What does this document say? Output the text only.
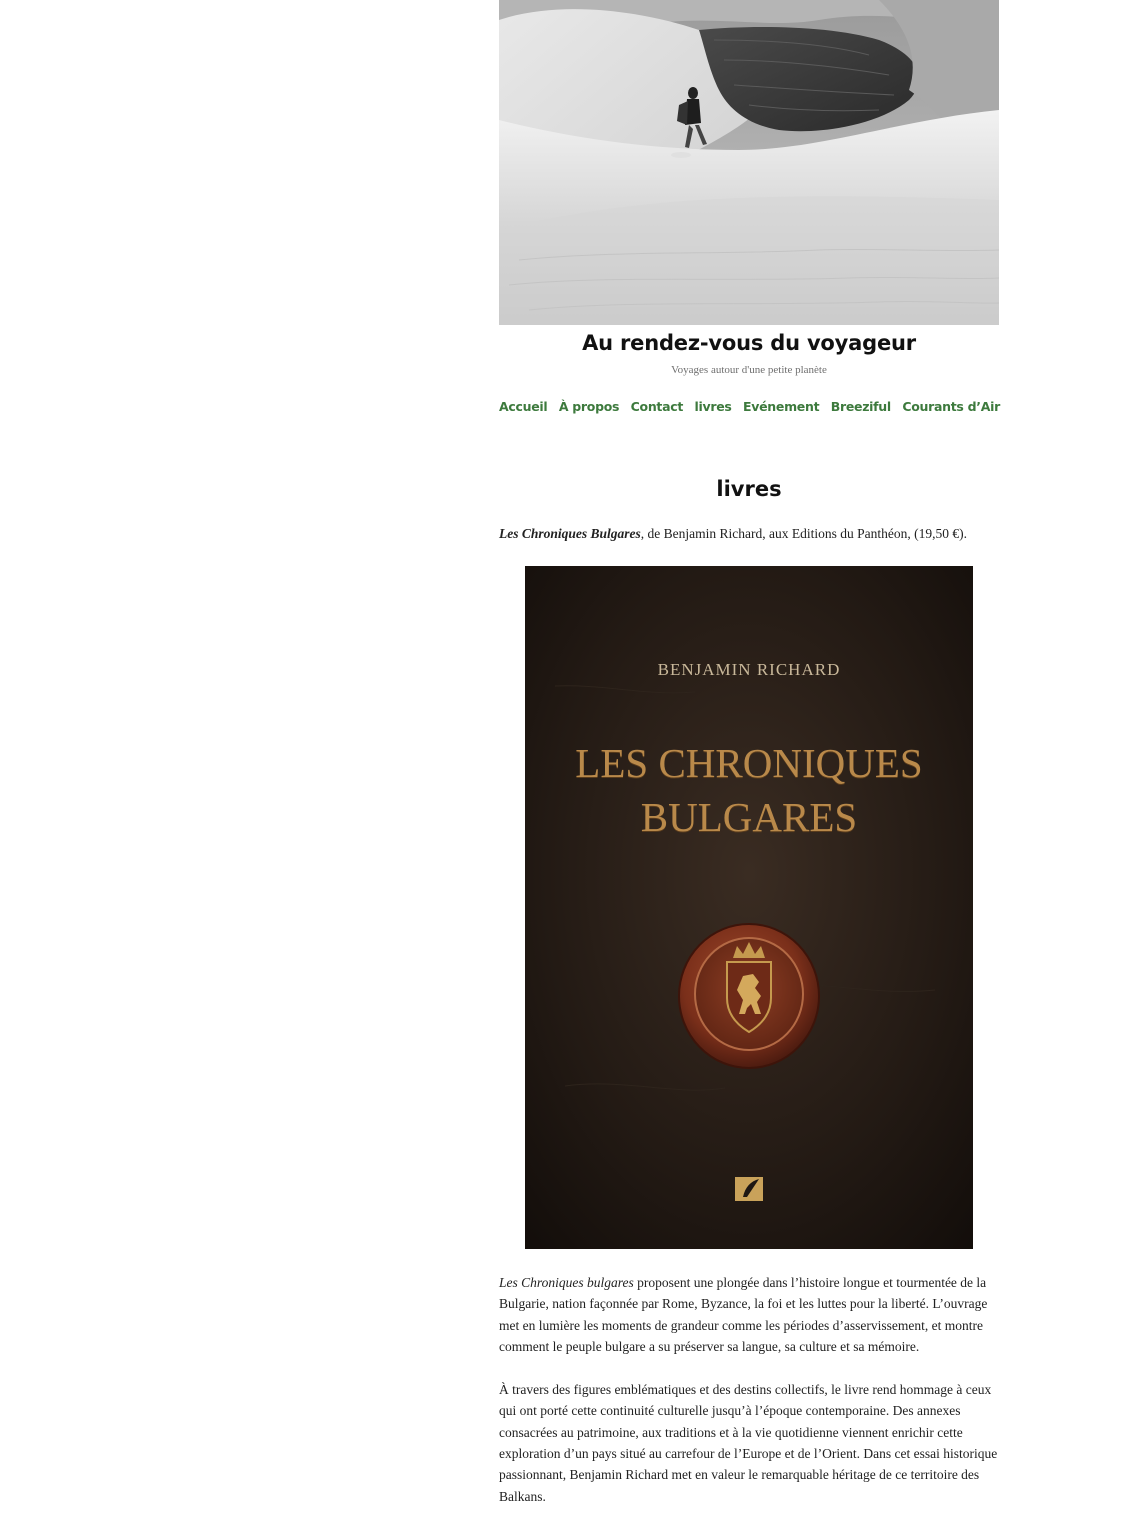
Au rendez-vous du voyageur
Voyages autour d'une petite planète
Accueil À propos Contact livres Evénement Breeziful Courants d’Air
livres

Les Chroniques Bulgares, de Benjamin Richard, aux Editions du Panthéon, (19,50 €).

BENJAMIN RICHARD
LES CHRONIQUES
BULGARES

Les Chroniques bulgares proposent une plongée dans l’histoire longue et tourmentée de la Bulgarie, nation façonnée par Rome, Byzance, la foi et les luttes pour la liberté. L’ouvrage met en lumière les moments de grandeur comme les périodes d’asservissement, et montre comment le peuple bulgare a su préserver sa langue, sa culture et sa mémoire.

À travers des figures emblématiques et des destins collectifs, le livre rend hommage à ceux qui ont porté cette continuité culturelle jusqu’à l’époque contemporaine. Des annexes consacrées au patrimoine, aux traditions et à la vie quotidienne viennent enrichir cette exploration d’un pays situé au carrefour de l’Europe et de l’Orient. Dans cet essai historique passionnant, Benjamin Richard met en valeur le remarquable héritage de ce territoire des Balkans.
